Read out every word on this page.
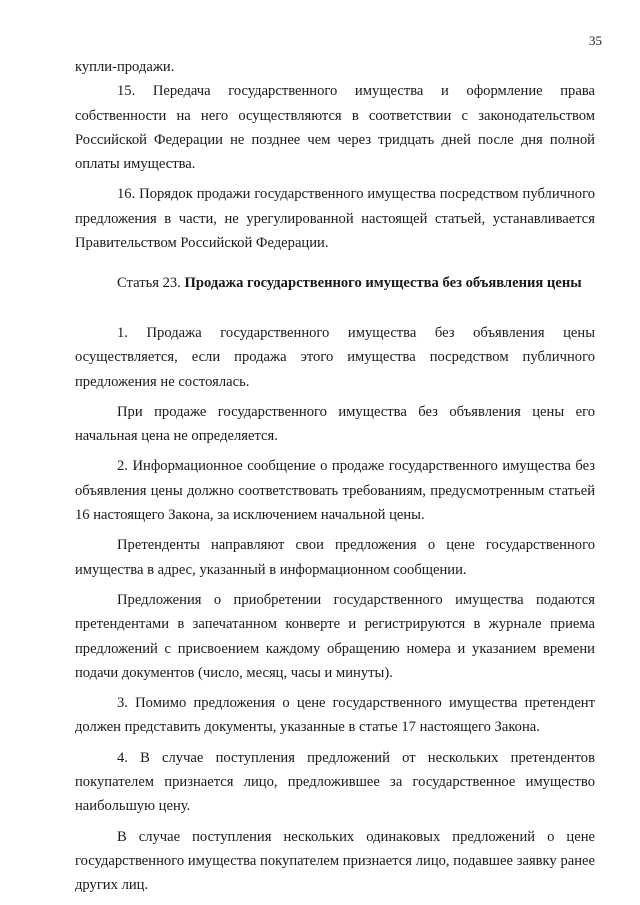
35

купли-продажи.

15. Передача государственного имущества и оформление права собственности на него осуществляются в соответствии с законодательством Российской Федерации не позднее чем через тридцать дней после дня полной оплаты имущества.

16. Порядок продажи государственного имущества посредством публичного предложения в части, не урегулированной настоящей статьей, устанавливается Правительством Российской Федерации.

Статья 23. Продажа государственного имущества без объявления цены

1. Продажа государственного имущества без объявления цены осуществляется, если продажа этого имущества посредством публичного предложения не состоялась.

При продаже государственного имущества без объявления цены его начальная цена не определяется.

2. Информационное сообщение о продаже государственного имущества без объявления цены должно соответствовать требованиям, предусмотренным статьей 16 настоящего Закона, за исключением начальной цены.

Претенденты направляют свои предложения о цене государственного имущества в адрес, указанный в информационном сообщении.

Предложения о приобретении государственного имущества подаются претендентами в запечатанном конверте и регистрируются в журнале приема предложений с присвоением каждому обращению номера и указанием времени подачи документов (число, месяц, часы и минуты).

3. Помимо предложения о цене государственного имущества претендент должен представить документы, указанные в статье 17 настоящего Закона.

4. В случае поступления предложений от нескольких претендентов покупателем признается лицо, предложившее за государственное имущество наибольшую цену.

В случае поступления нескольких одинаковых предложений о цене государственного имущества покупателем признается лицо, подавшее заявку ранее других лиц.
